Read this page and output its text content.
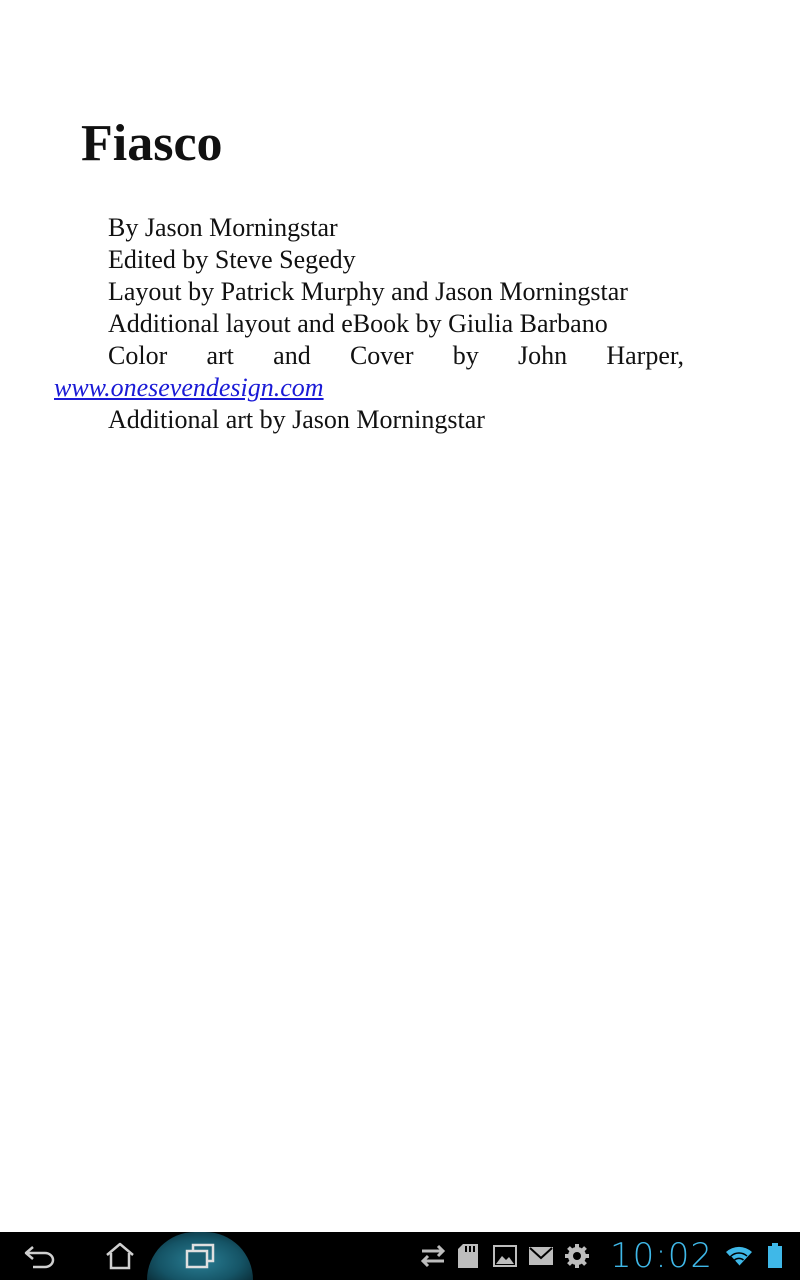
Fiasco

By Jason Morningstar

Edited by Steve Segedy

Layout by Patrick Murphy and Jason Morningstar

Additional layout and eBook by Giulia Barbano

Color art and Cover by John Harper,
www.onesevendesign.com

Additional art by Jason Morningstar

10:02
